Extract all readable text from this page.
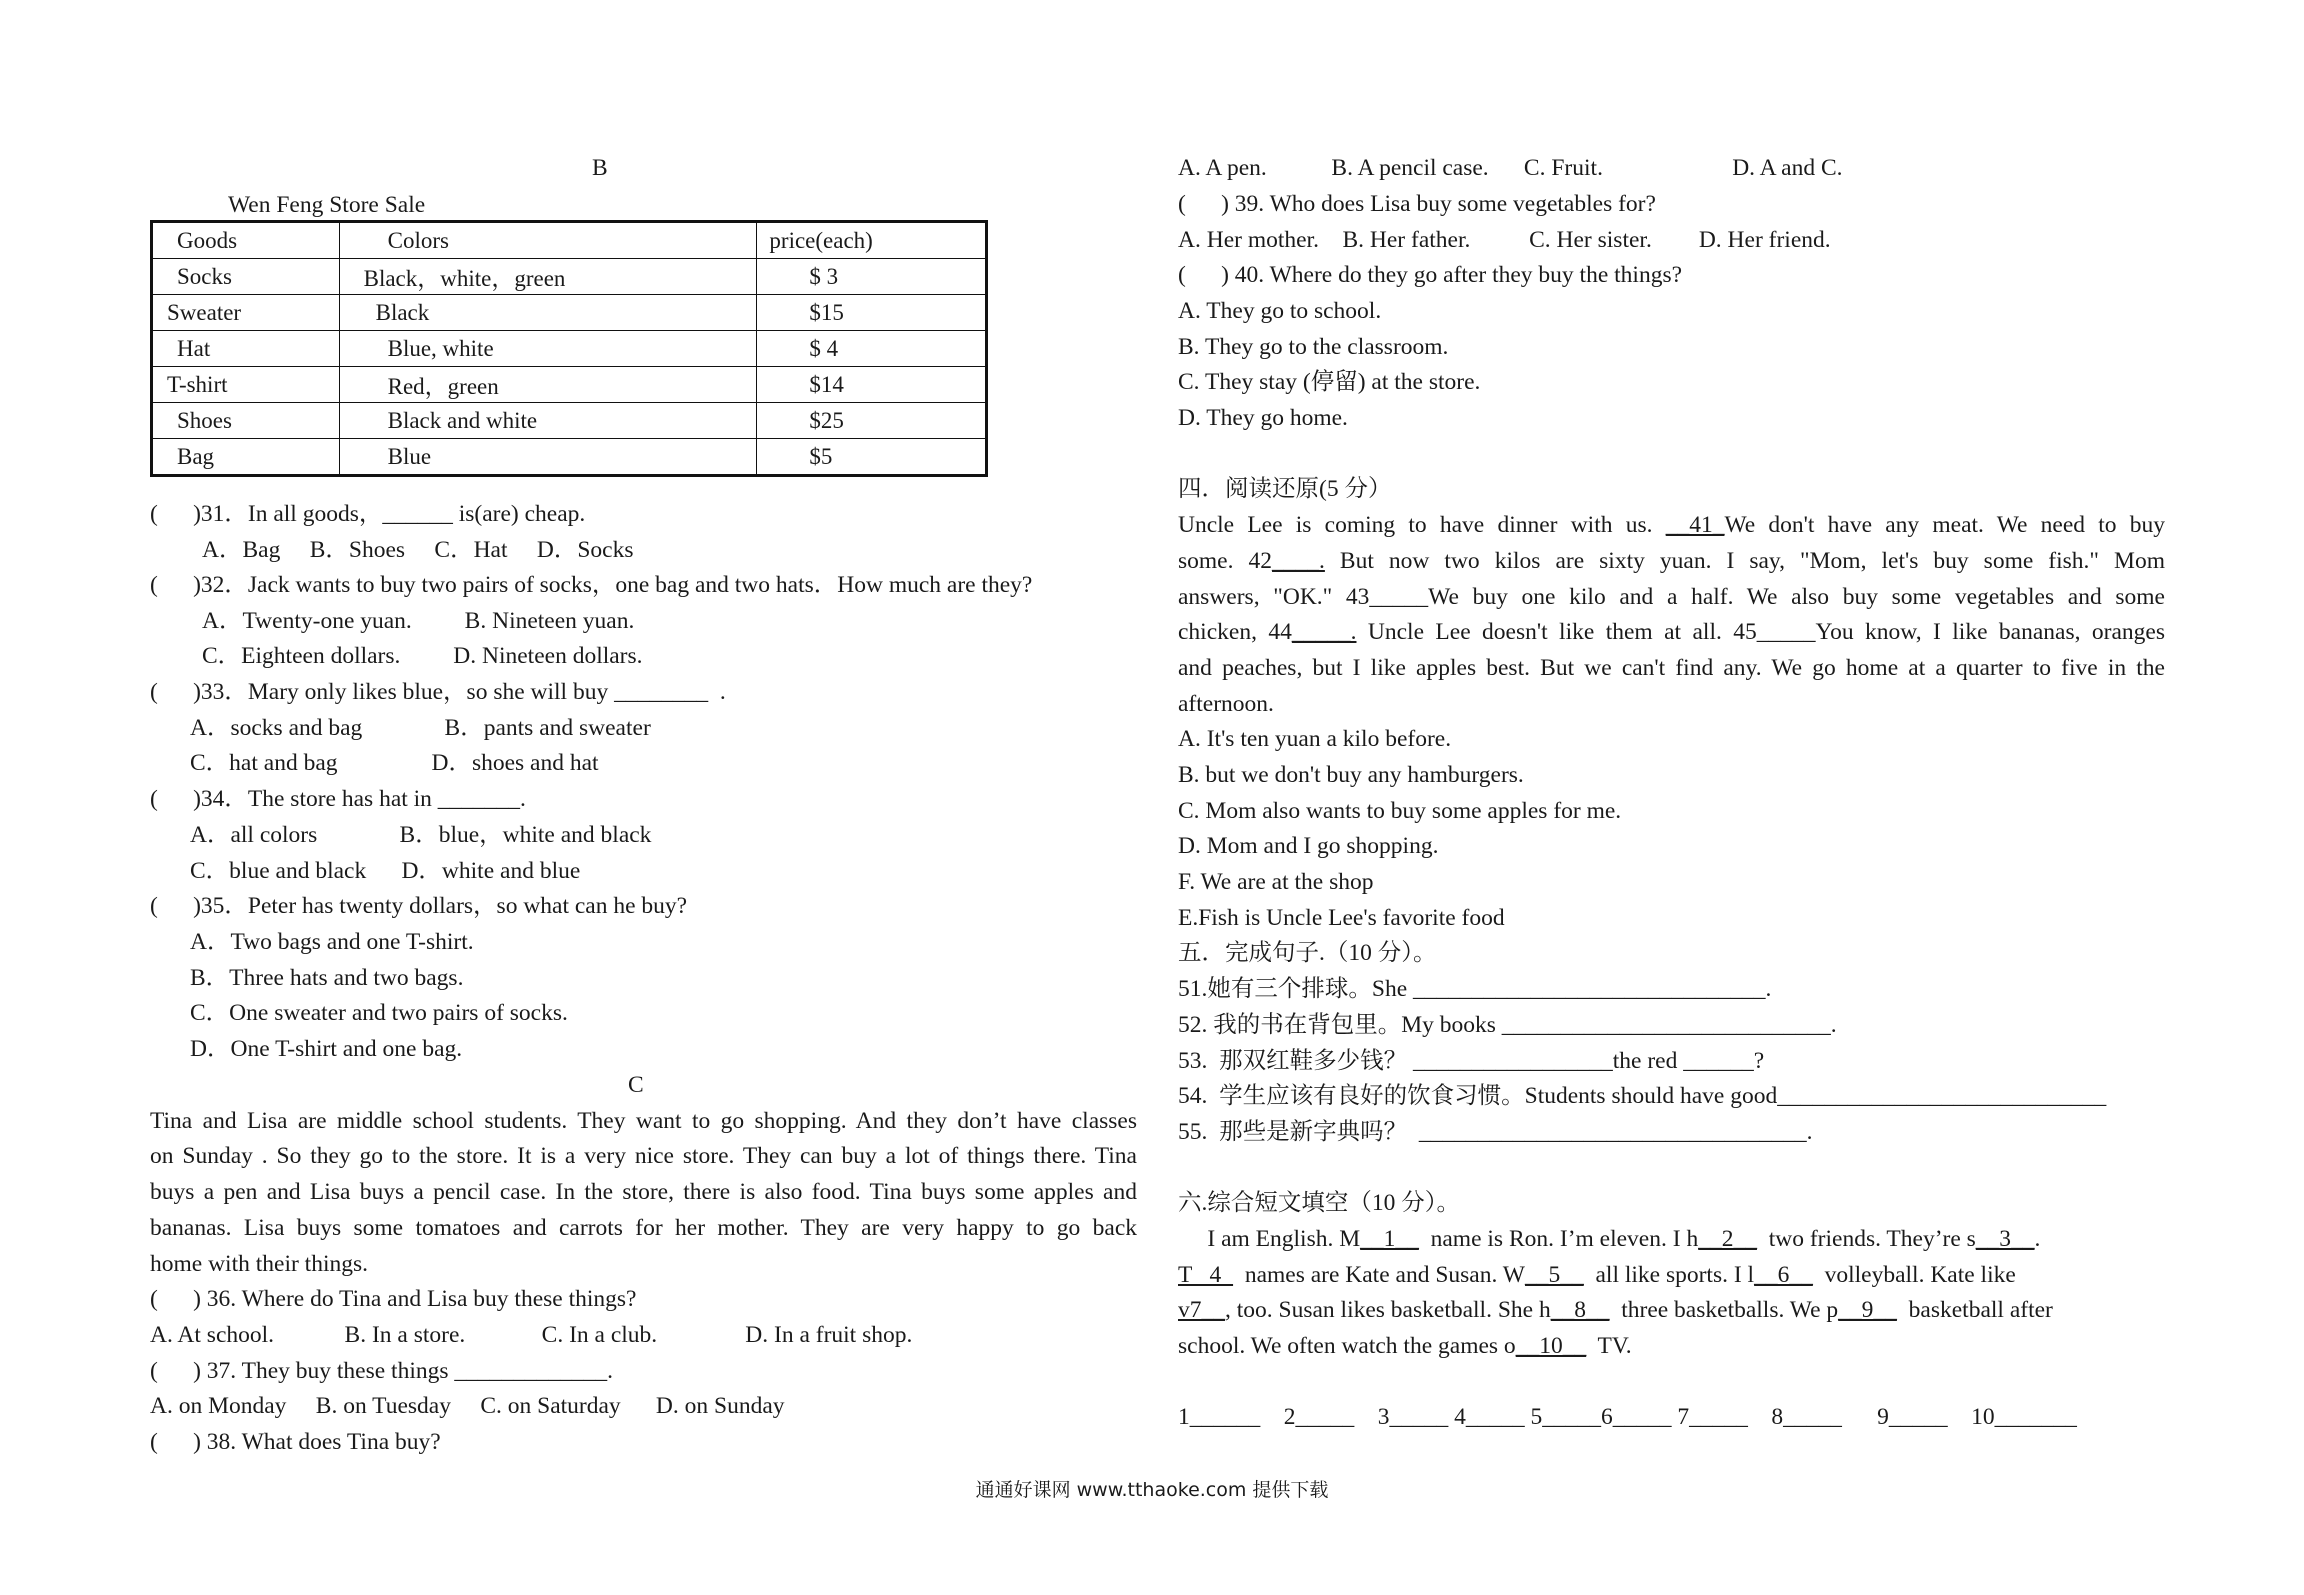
B
Wen Feng Store Sale
Goods	Colors	price(each)
Socks	Black，white，green	$ 3
Sweater	Black	$15
Hat	Blue, white	$ 4
T-shirt	Red，green	$14
Shoes	Black and white	$25
Bag	Blue	$5
(      )31．In all goods，______ is(are) cheap.
A．Bag     B．Shoes     C．Hat     D．Socks
(      )32．Jack wants to buy two pairs of socks，one bag and two hats．How much are they?
A．Twenty-one yuan.         B. Nineteen yuan.
C．Eighteen dollars.         D. Nineteen dollars.
(      )33．Mary only likes blue，so she will buy ________  .
A．socks and bag              B．pants and sweater
C．hat and bag                D．shoes and hat
(      )34．The store has hat in _______.
A．all colors              B．blue，white and black
C．blue and black      D．white and blue
(      )35．Peter has twenty dollars，so what can he buy?
A．Two bags and one T-shirt.
B．Three hats and two bags.
C．One sweater and two pairs of socks.
D．One T-shirt and one bag.
C
Tina and Lisa are middle school students. They want to go shopping. And they don’t have classes
on Sunday . So they go to the store. It is a very nice store. They can buy a lot of things there. Tina
buys a pen and Lisa buys a pencil case. In the store, there is also food. Tina buys some apples and
bananas. Lisa buys some tomatoes and carrots for her mother. They are very happy to go back
home with their things.
(      ) 36. Where do Tina and Lisa buy these things?
A. At school.            B. In a store.             C. In a club.               D. In a fruit shop.
(      ) 37. They buy these things _____________.
A. on Monday     B. on Tuesday     C. on Saturday      D. on Sunday
(      ) 38. What does Tina buy?
A. A pen.           B. A pencil case.      C. Fruit.                      D. A and C.
(      ) 39. Who does Lisa buy some vegetables for?
A. Her mother.    B. Her father.          C. Her sister.        D. Her friend.
(      ) 40. Where do they go after they buy the things?
A. They go to school.
B. They go to the classroom.
C. They stay (停留) at the store.
D. They go home.
四．阅读还原(5 分）
Uncle Lee is coming to have dinner with us. __41_We don't have any meat. We need to buy
some. 42____. But now two kilos are sixty yuan. I say, "Mom, let's buy some fish." Mom
answers, "OK." 43_____We buy one kilo and a half. We also buy some vegetables and some
chicken, 44_____. Uncle Lee doesn't like them at all. 45_____You know, I like bananas, oranges
and peaches, but I like apples best. But we can't find any. We go home at a quarter to five in the
afternoon.
A. It's ten yuan a kilo before.
B. but we don't buy any hamburgers.
C. Mom also wants to buy some apples for me.
D. Mom and I go shopping.
F. We are at the shop
E.Fish is Uncle Lee's favorite food
五．完成句子.（10 分）。
51.她有三个排球。She ______________________________.
52. 我的书在背包里。My books ____________________________.
53.  那双红鞋多少钱？ _________________the red ______?
54.  学生应该有良好的饮食习惯。Students should have good____________________________
55.  那些是新字典吗？  _________________________________.
六.综合短文填空（10 分）。
I am English. M__1__  name is Ron. I’m eleven. I h__2__  two friends. They’re s__3__.
T   4    names are Kate and Susan. W__5__  all like sports. I l__6__  volleyball. Kate like
v7__, too. Susan likes basketball. She h__8__  three basketballs. We p__9__  basketball after
school. We often watch the games o__10__  TV.
1______    2_____    3_____ 4_____ 5_____6_____ 7_____    8_____      9_____    10_______
通通好课网 www.tthaoke.com 提供下载
